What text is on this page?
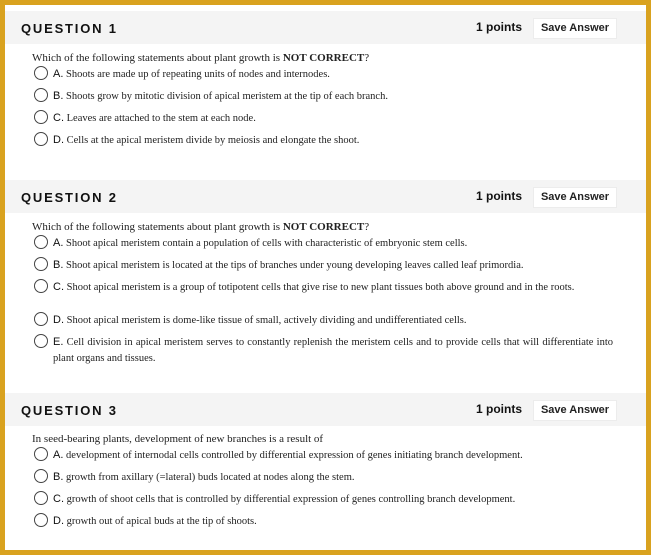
QUESTION 1	1 points	Save Answer
Which of the following statements about plant growth is NOT CORRECT?
A. Shoots are made up of repeating units of nodes and internodes.
B. Shoots grow by mitotic division of apical meristem at the tip of each branch.
C. Leaves are attached to the stem at each node.
D. Cells at the apical meristem divide by meiosis and elongate the shoot.
QUESTION 2	1 points	Save Answer
Which of the following statements about plant growth is NOT CORRECT?
A. Shoot apical meristem contain a population of cells with characteristic of embryonic stem cells.
B. Shoot apical meristem is located at the tips of branches under young developing leaves called leaf primordia.
C. Shoot apical meristem is a group of totipotent cells that give rise to new plant tissues both above ground and in the roots.
D. Shoot apical meristem is dome-like tissue of small, actively dividing and undifferentiated cells.
E. Cell division in apical meristem serves to constantly replenish the meristem cells and to provide cells that will differentiate into plant organs and tissues.
QUESTION 3	1 points	Save Answer
In seed-bearing plants, development of new branches is a result of
A. development of internodal cells controlled by differential expression of genes initiating branch development.
B. growth from axillary (=lateral) buds located at nodes along the stem.
C. growth of shoot cells that is controlled by differential expression of genes controlling branch development.
D. growth out of apical buds at the tip of shoots.
